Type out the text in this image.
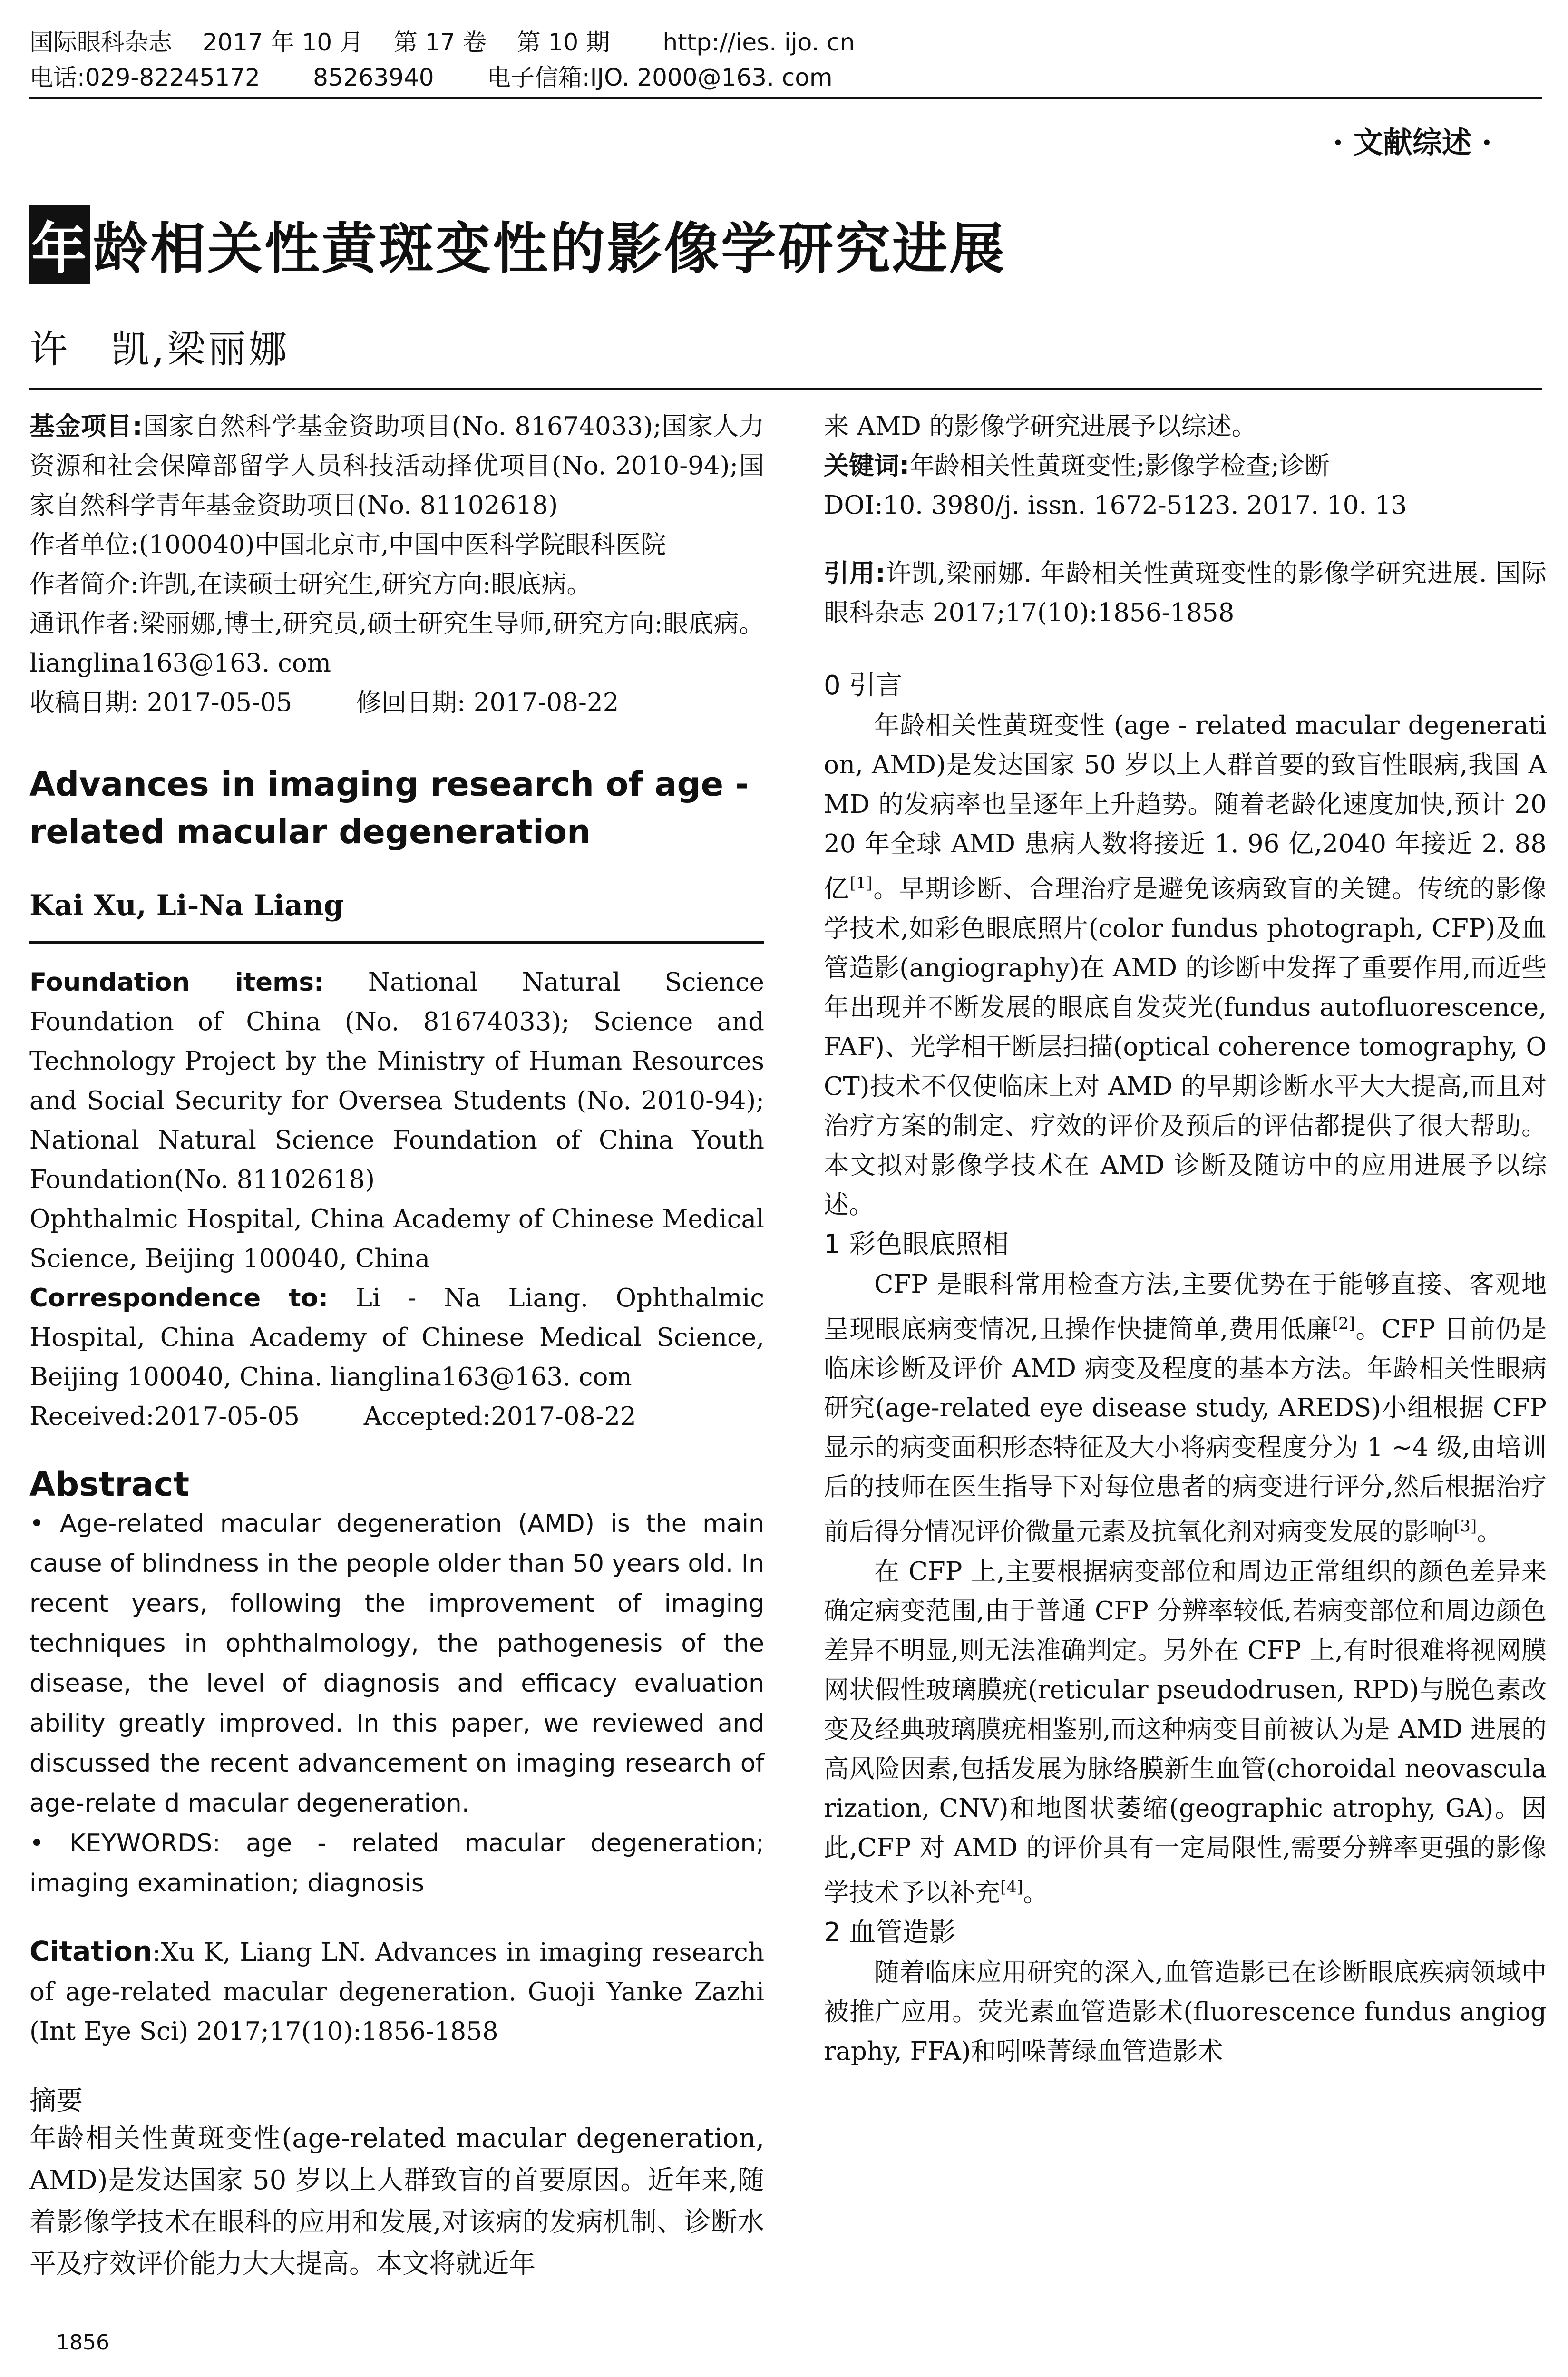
国际眼科杂志    2017 年 10 月    第 17 卷    第 10 期       http://ies. ijo. cn
电话:029-82245172       85263940       电子信箱:IJO. 2000@163. com
· 文献综述 ·
年龄相关性黄斑变性的影像学研究进展
许　凯,梁丽娜

基金项目:国家自然科学基金资助项目(No. 81674033);国家人力资源和社会保障部留学人员科技活动择优项目(No. 2010-94);国家自然科学青年基金资助项目(No. 81102618)

作者单位:(100040)中国北京市,中国中医科学院眼科医院

作者简介:许凯,在读硕士研究生,研究方向:眼底病。

通讯作者:梁丽娜,博士,研究员,硕士研究生导师,研究方向:眼底病。lianglina163@163. com

收稿日期: 2017-05-05        修回日期: 2017-08-22

Advances in imaging research of age - related macular degeneration

Kai Xu, Li-Na Liang

Foundation items: National Natural Science Foundation of China (No. 81674033); Science and Technology Project by the Ministry of Human Resources and Social Security for Oversea Students (No. 2010-94); National Natural Science Foundation of China Youth Foundation(No. 81102618)

Ophthalmic Hospital, China Academy of Chinese Medical Science, Beijing 100040, China

Correspondence to: Li - Na Liang. Ophthalmic Hospital, China Academy of Chinese Medical Science, Beijing 100040, China. lianglina163@163. com

Received:2017-05-05        Accepted:2017-08-22

Abstract

• Age-related macular degeneration (AMD) is the main cause of blindness in the people older than 50 years old. In recent years, following the improvement of imaging techniques in ophthalmology, the pathogenesis of the disease, the level of diagnosis and efficacy evaluation ability greatly improved. In this paper, we reviewed and discussed the recent advancement on imaging research of age-relate d macular degeneration.

• KEYWORDS: age - related macular degeneration; imaging examination; diagnosis

Citation:Xu K, Liang LN. Advances in imaging research of age-related macular degeneration. Guoji Yanke Zazhi (Int Eye Sci) 2017;17(10):1856-1858

摘要

年龄相关性黄斑变性(age-related macular degeneration, AMD)是发达国家 50 岁以上人群致盲的首要原因。近年来,随着影像学技术在眼科的应用和发展,对该病的发病机制、诊断水平及疗效评价能力大大提高。本文将就近年

来 AMD 的影像学研究进展予以综述。

关键词:年龄相关性黄斑变性;影像学检查;诊断

DOI:10. 3980/j. issn. 1672-5123. 2017. 10. 13

引用:许凯,梁丽娜. 年龄相关性黄斑变性的影像学研究进展. 国际眼科杂志 2017;17(10):1856-1858

0 引言

年龄相关性黄斑变性 (age - related macular degeneration, AMD)是发达国家 50 岁以上人群首要的致盲性眼病,我国 AMD 的发病率也呈逐年上升趋势。随着老龄化速度加快,预计 2020 年全球 AMD 患病人数将接近 1. 96 亿,2040 年接近 2. 88 亿[1]。早期诊断、合理治疗是避免该病致盲的关键。传统的影像学技术,如彩色眼底照片(color fundus photograph, CFP)及血管造影(angiography)在 AMD 的诊断中发挥了重要作用,而近些年出现并不断发展的眼底自发荧光(fundus autofluorescence, FAF)、光学相干断层扫描(optical coherence tomography, OCT)技术不仅使临床上对 AMD 的早期诊断水平大大提高,而且对治疗方案的制定、疗效的评价及预后的评估都提供了很大帮助。本文拟对影像学技术在 AMD 诊断及随访中的应用进展予以综述。

1 彩色眼底照相

CFP 是眼科常用检查方法,主要优势在于能够直接、客观地呈现眼底病变情况,且操作快捷简单,费用低廉[2]。CFP 目前仍是临床诊断及评价 AMD 病变及程度的基本方法。年龄相关性眼病研究(age-related eye disease study, AREDS)小组根据 CFP 显示的病变面积形态特征及大小将病变程度分为 1 ~4 级,由培训后的技师在医生指导下对每位患者的病变进行评分,然后根据治疗前后得分情况评价微量元素及抗氧化剂对病变发展的影响[3]。

在 CFP 上,主要根据病变部位和周边正常组织的颜色差异来确定病变范围,由于普通 CFP 分辨率较低,若病变部位和周边颜色差异不明显,则无法准确判定。另外在 CFP 上,有时很难将视网膜网状假性玻璃膜疣(reticular pseudodrusen, RPD)与脱色素改变及经典玻璃膜疣相鉴别,而这种病变目前被认为是 AMD 进展的高风险因素,包括发展为脉络膜新生血管(choroidal neovascularization, CNV)和地图状萎缩(geographic atrophy, GA)。因此,CFP 对 AMD 的评价具有一定局限性,需要分辨率更强的影像学技术予以补充[4]。

2 血管造影

随着临床应用研究的深入,血管造影已在诊断眼底疾病领域中被推广应用。荧光素血管造影术(fluorescence fundus angiography, FFA)和吲哚菁绿血管造影术

1856
